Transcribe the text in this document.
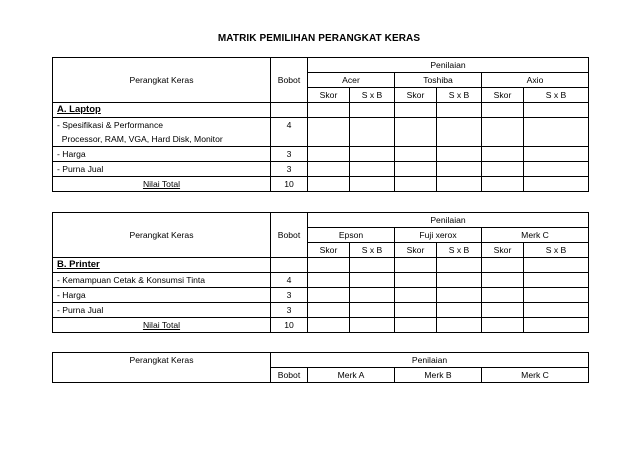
MATRIK PEMILIHAN PERANGKAT KERAS
Perangkat Keras	Bobot	Penilaian					
		Acer		Toshiba		Axio	
		Skor	S x B	Skor	S x B	Skor	S x B
A. Laptop							
- Spesifikasi & Performance	4						
Processor, RAM, VGA, Hard Disk, Monitor							
- Harga	3						
- Purna Jual	3						
Nilai Total	10						
Perangkat Keras	Bobot	Penilaian					
		Epson		Fuji xerox		Merk C	
		Skor	S x B	Skor	S x B	Skor	S x B
B. Printer							
- Kemampuan Cetak & Konsumsi Tinta	4						
- Harga	3						
- Purna Jual	3						
Nilai Total	10						
Perangkat Keras	Penilaian			
	Bobot	Merk A	Merk B	Merk C
